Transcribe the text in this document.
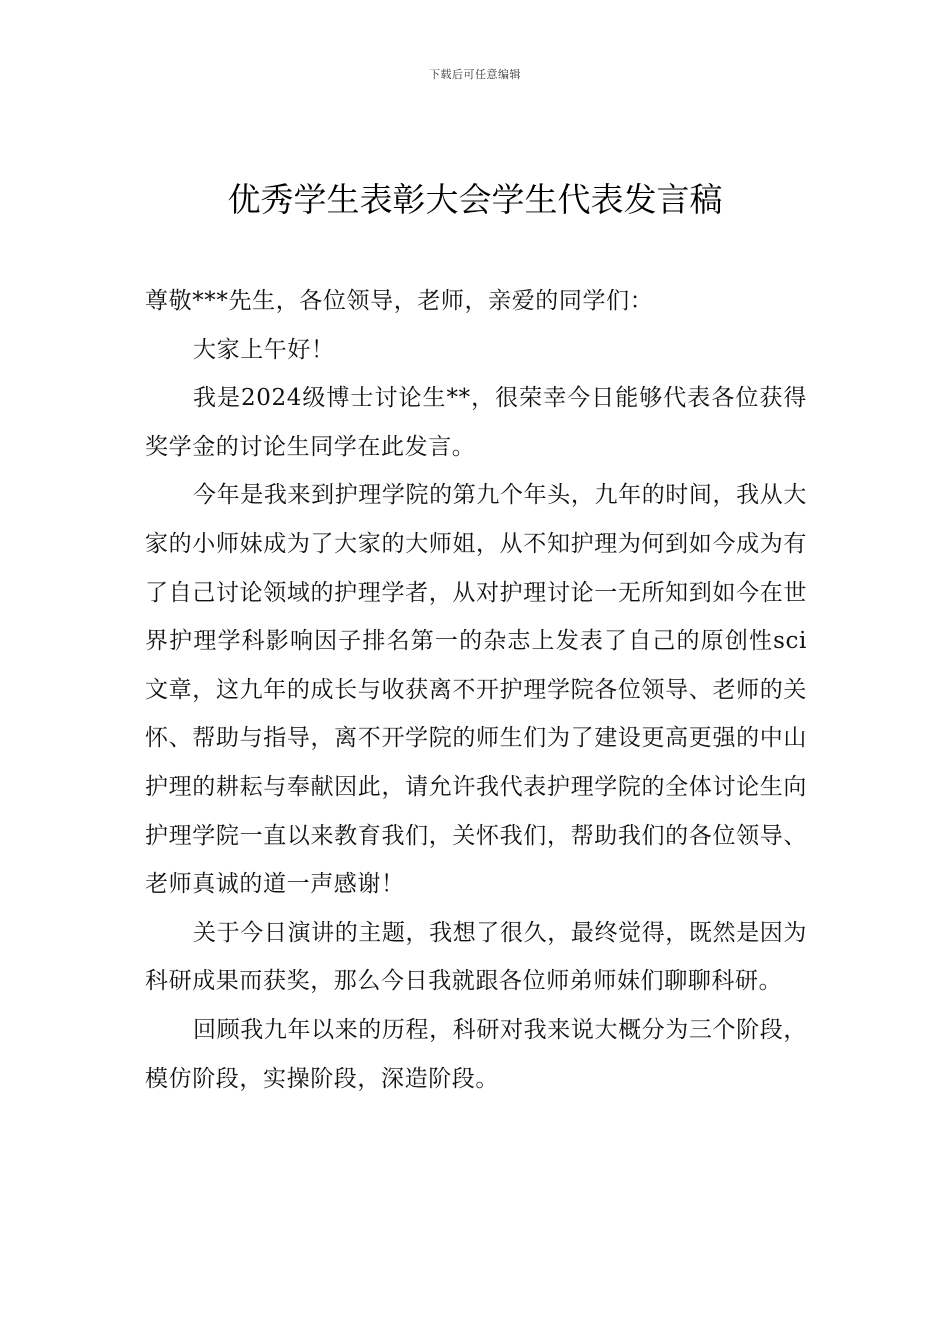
下载后可任意编辑
优秀学生表彰大会学生代表发言稿

尊敬***先生，各位领导，老师，亲爱的同学们：

大家上午好！

我是2024级博士讨论生**，很荣幸今日能够代表各位获得奖学金的讨论生同学在此发言。

今年是我来到护理学院的第九个年头，九年的时间，我从大家的小师妹成为了大家的大师姐，从不知护理为何到如今成为有了自己讨论领域的护理学者，从对护理讨论一无所知到如今在世界护理学科影响因子排名第一的杂志上发表了自己的原创性sci文章，这九年的成长与收获离不开护理学院各位领导、老师的关怀、帮助与指导，离不开学院的师生们为了建设更高更强的中山护理的耕耘与奉献因此，请允许我代表护理学院的全体讨论生向护理学院一直以来教育我们，关怀我们，帮助我们的各位领导、老师真诚的道一声感谢！

关于今日演讲的主题，我想了很久，最终觉得，既然是因为科研成果而获奖，那么今日我就跟各位师弟师妹们聊聊科研。

回顾我九年以来的历程，科研对我来说大概分为三个阶段，模仿阶段，实操阶段，深造阶段。
